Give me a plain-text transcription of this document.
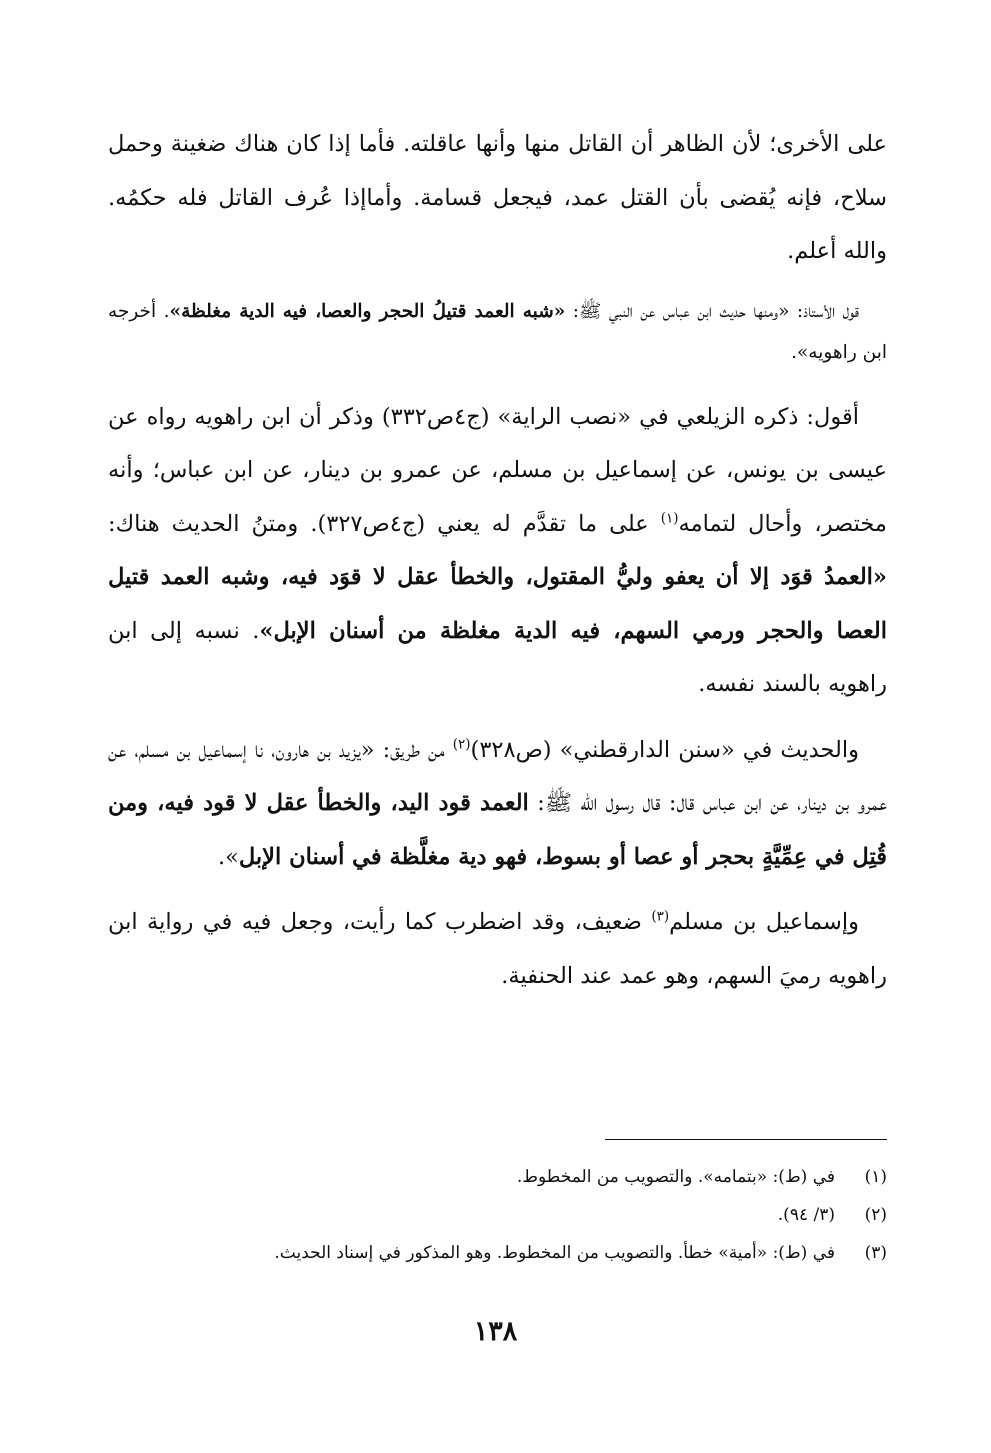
على الأخرى؛ لأن الظاهر أن القاتل منها وأنها عاقلته. فأما إذا كان هناك ضغينة وحمل سلاح، فإنه يُقضى بأن القتل عمد، فيجعل قسامة. وأماإذا عُرف القاتل فله حكمُه. والله أعلم.

قول الأستاذ: «ومنها حديث ابن عباس عن النبي ﷺ: «شبه العمد قتيلُ الحجر والعصا، فيه الدية مغلظة». أخرجه ابن راهويه».

أقول: ذكره الزيلعي في «نصب الراية» (ج٤ص٣٣٢) وذكر أن ابن راهويه رواه عن عيسى بن يونس، عن إسماعيل بن مسلم، عن عمرو بن دينار، عن ابن عباس؛ وأنه مختصر، وأحال لتمامه$^{(١)}$ على ما تقدَّم له يعني (ج٤ص٣٢٧). ومتنُ الحديث هناك: «العمدُ قوَد إلا أن يعفو وليُّ المقتول، والخطأ عقل لا قوَد فيه، وشبه العمد قتيل العصا والحجر ورمي السهم، فيه الدية مغلظة من أسنان الإبل». نسبه إلى ابن راهويه بالسند نفسه.

والحديث في «سنن الدارقطني» (ص٣٢٨)$^{(٢)}$ من طريق: «يزيد بن هارون، نا إسماعيل بن مسلم، عن عمرو بن دينار، عن ابن عباس قال: قال رسول الله ﷺ: العمد قود اليد، والخطأ عقل لا قود فيه، ومن قُتِل في عِمِّيَّةٍ بحجر أو عصا أو بسوط، فهو دية مغلَّظة في أسنان الإبل».

وإسماعيل بن مسلم$^{(٣)}$ ضعيف، وقد اضطرب كما رأيت، وجعل فيه في رواية ابن راهويه رميَ السهم، وهو عمد عند الحنفية.

(١)
في (ط): «بتمامه». والتصويب من المخطوط.
(٢)
(٣/ ٩٤).
(٣)
في (ط): «أمية» خطأ. والتصويب من المخطوط. وهو المذكور في إسناد الحديث.
١٣٨
